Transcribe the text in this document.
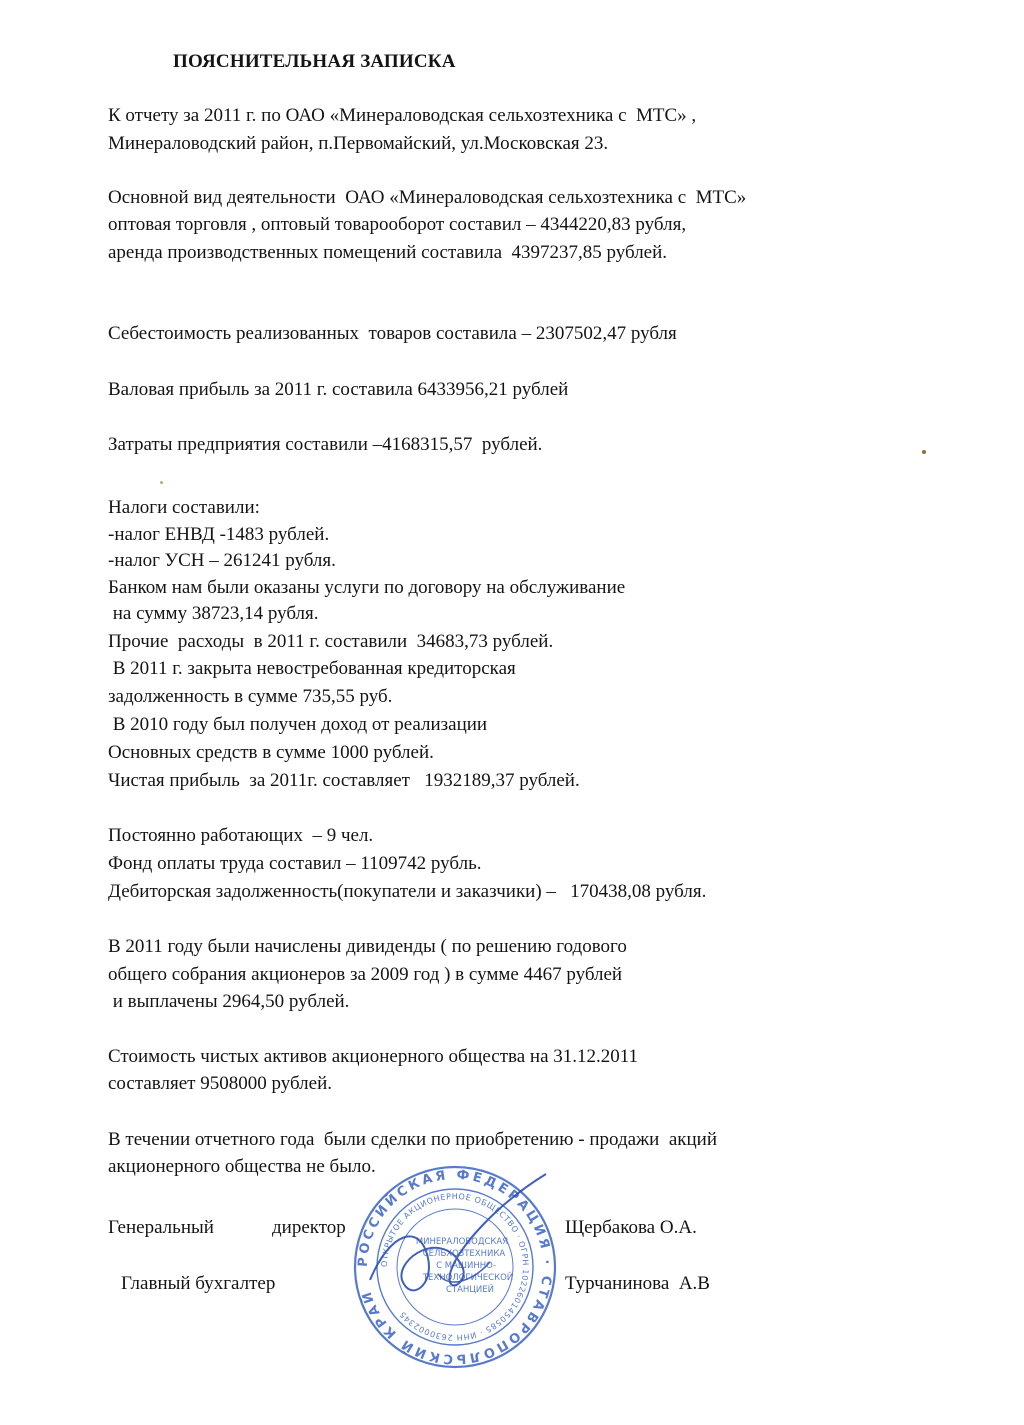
ПОЯСНИТЕЛЬНАЯ ЗАПИСКА

К отчету за 2011 г. по ОАО «Минераловодская сельхозтехника с  МТС» ,

Минераловодский район, п.Первомайский, ул.Московская 23.

Основной вид деятельности  ОАО «Минераловодская сельхозтехника с  МТС»

оптовая торговля , оптовый товарооборот составил – 4344220,83 рубля,

аренда производственных помещений составила  4397237,85 рублей.

Себестоимость реализованных  товаров составила – 2307502,47 рубля

Валовая прибыль за 2011 г. составила 6433956,21 рублей

Затраты предприятия составили –4168315,57  рублей.

Налоги составили:

-налог ЕНВД -1483 рублей.

-налог УСН – 261241 рубля.

Банком нам были оказаны услуги по договору на обслуживание

на сумму 38723,14 рубля.

Прочие  расходы  в 2011 г. составили  34683,73 рублей.

В 2011 г. закрыта невостребованная кредиторская

задолженность в сумме 735,55 руб.

В 2010 году был получен доход от реализации

Основных средств в сумме 1000 рублей.

Чистая прибыль  за 2011г. составляет   1932189,37 рублей.

Постоянно работающих  – 9 чел.

Фонд оплаты труда составил – 1109742 рубль.

Дебиторская задолженность(покупатели и заказчики) –   170438,08 рубля.

В 2011 году были начислены дивиденды ( по решению годового

общего собрания акционеров за 2009 год ) в сумме 4467 рублей

и выплачены 2964,50 рублей.

Стоимость чистых активов акционерного общества на 31.12.2011

составляет 9508000 рублей.

В течении отчетного года  были сделки по приобретению - продажи  акций

акционерного общества не было.

Генеральный	директор	Щербакова О.А.

Главный бухгалтер	Турчанинова  А.В

РОССИЙСКАЯ ФЕДЕРАЦИЯ · СТАВРОПОЛЬСКИЙ КРАЙ
ОТКРЫТОЕ АКЦИОНЕРНОЕ ОБЩЕСТВО · ОГРН 1022601450585 · ИНН 2630002345
МИНЕРАЛОВОДСКАЯ
СЕЛЬХОЗТЕХНИКА
С МАШИННО-
ТЕХНОЛОГИЧЕСКОЙ
СТАНЦИЕЙ
